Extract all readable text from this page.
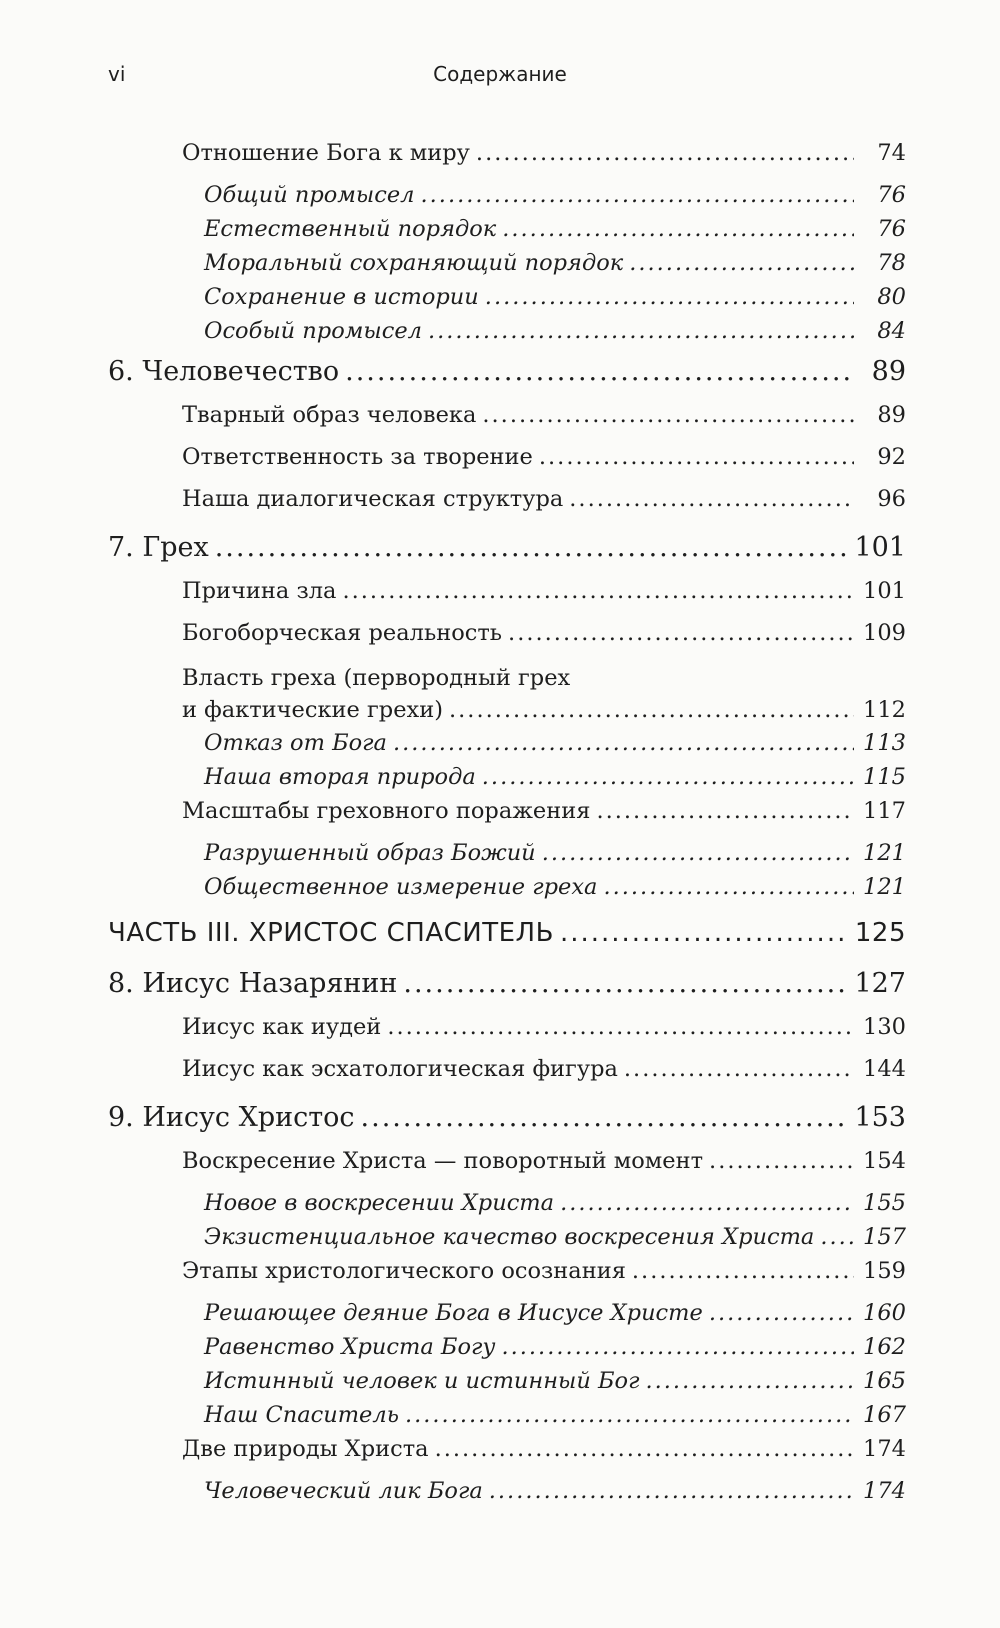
vi	Содержание
Отношение Бога к миру .....	74
Общий промысел .....	76
Естественный порядок .....	76
Моральный сохраняющий порядок .....	78
Сохранение в истории .....	80
Особый промысел .....	84
6. Человечество .....	89
Тварный образ человека .....	89
Ответственность за творение .....	92
Наша диалогическая структура .....	96
7. Грех .....	101
Причина зла .....	101
Богоборческая реальность .....	109
Власть греха (первородный грех
и фактические грехи) .....	112
Отказ от Бога .....	113
Наша вторая природа .....	115
Масштабы греховного поражения .....	117
Разрушенный образ Божий .....	121
Общественное измерение греха .....	121
ЧАСТЬ III. ХРИСТОС СПАСИТЕЛЬ .....	125
8. Иисус Назарянин .....	127
Иисус как иудей .....	130
Иисус как эсхатологическая фигура .....	144
9. Иисус Христос .....	153
Воскресение Христа — поворотный момент .....	154
Новое в воскресении Христа .....	155
Экзистенциальное качество воскресения Христа ..... 157
Этапы христологического осознания .....	159
Решающее деяние Бога в Иисусе Христе .....	160
Равенство Христа Богу .....	162
Истинный человек и истинный Бог .....	165
Наш Спаситель .....	167
Две природы Христа .....	174
Человеческий лик Бога .....	174
